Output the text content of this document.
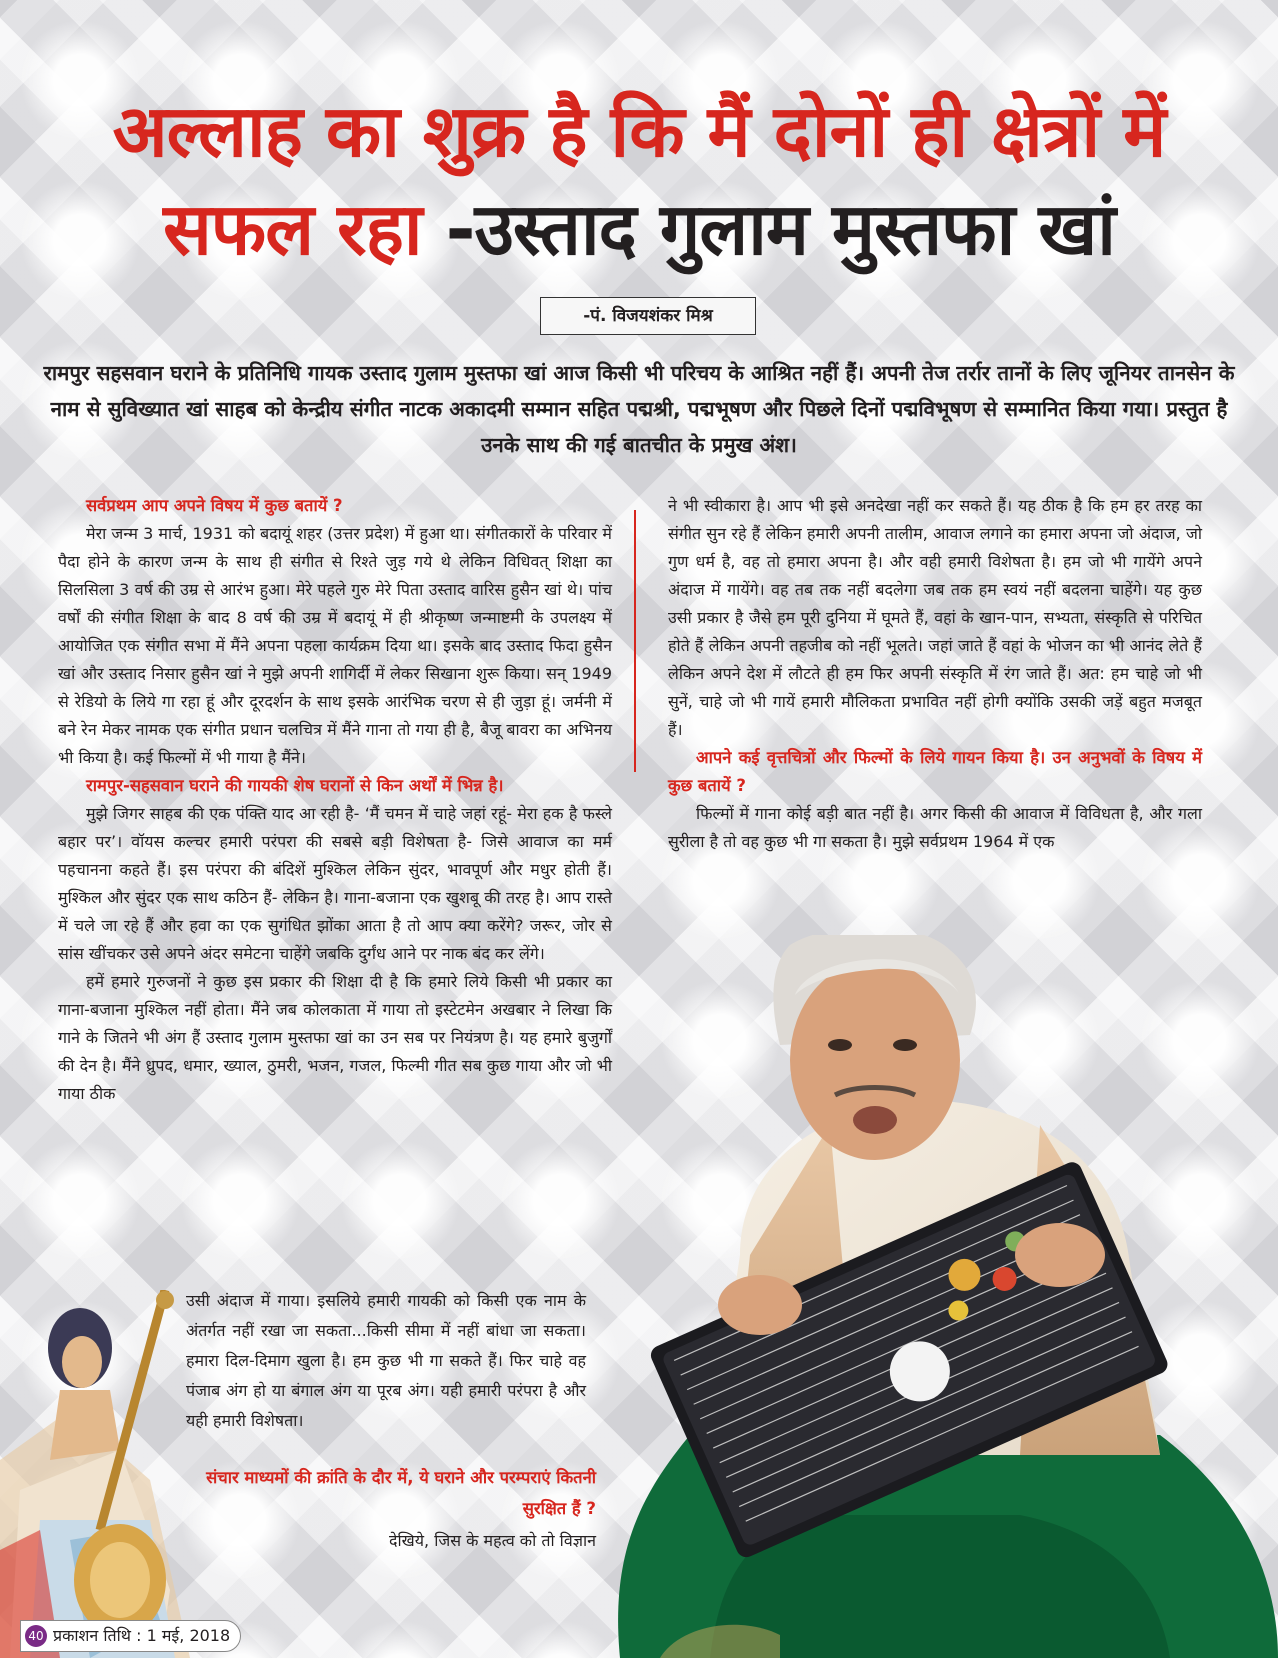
अल्लाह का शुक्र है कि मैं दोनों ही क्षेत्रों में
सफल रहा -उस्ताद गुलाम मुस्तफा खां
-पं. विजयशंकर मिश्र
रामपुर सहसवान घराने के प्रतिनिधि गायक उस्ताद गुलाम मुस्तफा खां आज किसी भी परिचय के आश्रित नहीं हैं। अपनी तेज तर्रार तानों के लिए जूनियर तानसेन के नाम से सुविख्यात खां साहब को केन्द्रीय संगीत नाटक अकादमी सम्मान सहित पद्मश्री, पद्मभूषण और पिछले दिनों पद्मविभूषण से सम्मानित किया गया। प्रस्तुत है उनके साथ की गई बातचीत के प्रमुख अंश।
सर्वप्रथम आप अपने विषय में कुछ बतायें ?

मेरा जन्म 3 मार्च, 1931 को बदायूं शहर (उत्तर प्रदेश) में हुआ था। संगीतकारों के परिवार में पैदा होने के कारण जन्म के साथ ही संगीत से रिश्ते जुड़ गये थे लेकिन विधिवत् शिक्षा का सिलसिला 3 वर्ष की उम्र से आरंभ हुआ। मेरे पहले गुरु मेरे पिता उस्ताद वारिस हुसैन खां थे। पांच वर्षों की संगीत शिक्षा के बाद 8 वर्ष की उम्र में बदायूं में ही श्रीकृष्ण जन्माष्टमी के उपलक्ष्य में आयोजित एक संगीत सभा में मैंने अपना पहला कार्यक्रम दिया था। इसके बाद उस्ताद फिदा हुसैन खां और उस्ताद निसार हुसैन खां ने मुझे अपनी शागिर्दी में लेकर सिखाना शुरू किया। सन् 1949 से रेडियो के लिये गा रहा हूं और दूरदर्शन के साथ इसके आरंभिक चरण से ही जुड़ा हूं। जर्मनी में बने रेन मेकर नामक एक संगीत प्रधान चलचित्र में मैंने गाना तो गया ही है, बैजू बावरा का अभिनय भी किया है। कई फिल्मों में भी गाया है मैंने।

रामपुर-सहसवान घराने की गायकी शेष घरानों से किन अर्थों में भिन्न है।

मुझे जिगर साहब की एक पंक्ति याद आ रही है- ‘मैं चमन में चाहे जहां रहूं- मेरा हक है फस्ले बहार पर’। वॉयस कल्चर हमारी परंपरा की सबसे बड़ी विशेषता है- जिसे आवाज का मर्म पहचानना कहते हैं। इस परंपरा की बंदिशें मुश्किल लेकिन सुंदर, भावपूर्ण और मधुर होती हैं। मुश्किल और सुंदर एक साथ कठिन हैं- लेकिन है। गाना-बजाना एक खुशबू की तरह है। आप रास्ते में चले जा रहे हैं और हवा का एक सुगंधित झोंका आता है तो आप क्या करेंगे? जरूर, जोर से सांस खींचकर उसे अपने अंदर समेटना चाहेंगे जबकि दुर्गंध आने पर नाक बंद कर लेंगे।

हमें हमारे गुरुजनों ने कुछ इस प्रकार की शिक्षा दी है कि हमारे लिये किसी भी प्रकार का गाना-बजाना मुश्किल नहीं होता। मैंने जब कोलकाता में गाया तो इस्टेटमेन अखबार ने लिखा कि गाने के जितने भी अंग हैं उस्ताद गुलाम मुस्तफा खां का उन सब पर नियंत्रण है। यह हमारे बुजुर्गों की देन है। मैंने ध्रुपद, धमार, ख्याल, ठुमरी, भजन, गजल, फिल्मी गीत सब कुछ गाया और जो भी गाया ठीक

उसी अंदाज में गाया। इसलिये हमारी गायकी को किसी एक नाम के अंतर्गत नहीं रखा जा सकता...किसी सीमा में नहीं बांधा जा सकता। हमारा दिल-दिमाग खुला है। हम कुछ भी गा सकते हैं। फिर चाहे वह पंजाब अंग हो या बंगाल अंग या पूरब अंग। यही हमारी परंपरा है और यही हमारी विशेषता।

संचार माध्यमों की क्रांति के दौर में, ये घराने और परम्पराएं कितनी सुरक्षित हैं ?
देखिये, जिस के महत्व को तो विज्ञान

ने भी स्वीकारा है। आप भी इसे अनदेखा नहीं कर सकते हैं। यह ठीक है कि हम हर तरह का संगीत सुन रहे हैं लेकिन हमारी अपनी तालीम, आवाज लगाने का हमारा अपना जो अंदाज, जो गुण धर्म है, वह तो हमारा अपना है। और वही हमारी विशेषता है। हम जो भी गायेंगे अपने अंदाज में गायेंगे। वह तब तक नहीं बदलेगा जब तक हम स्वयं नहीं बदलना चाहेंगे। यह कुछ उसी प्रकार है जैसे हम पूरी दुनिया में घूमते हैं, वहां के खान-पान, सभ्यता, संस्कृति से परिचित होते हैं लेकिन अपनी तहजीब को नहीं भूलते। जहां जाते हैं वहां के भोजन का भी आनंद लेते हैं लेकिन अपने देश में लौटते ही हम फिर अपनी संस्कृति में रंग जाते हैं। अत: हम चाहे जो भी सुनें, चाहे जो भी गायें हमारी मौलिकता प्रभावित नहीं होगी क्योंकि उसकी जड़ें बहुत मजबूत हैं।

आपने कई वृत्तचित्रों और फिल्मों के लिये गायन किया है। उन अनुभवों के विषय में कुछ बतायें ?

फिल्मों में गाना कोई बड़ी बात नहीं है। अगर किसी की आवाज में विविधता है, और गला सुरीला है तो वह कुछ भी गा सकता है। मुझे सर्वप्रथम 1964 में एक

40 प्रकाशन तिथि : 1 मई, 2018
